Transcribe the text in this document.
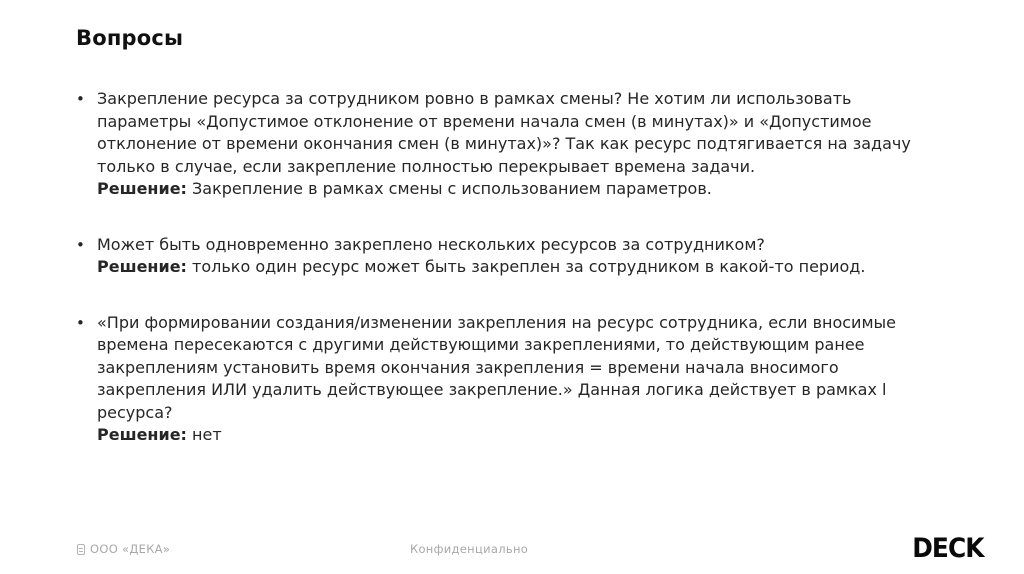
Вопросы
• Закрепление ресурса за сотрудником ровно в рамках смены? Не хотим ли использовать параметры «Допустимое отклонение от времени начала смен (в минутах)» и «Допустимое отклонение от времени окончания смен (в минутах)»? Так как ресурс подтягивается на задачу только в случае, если закрепление полностью перекрывает времена задачи.
Решение: Закрепление в рамках смены с использованием параметров.
• Может быть одновременно закреплено нескольких ресурсов за сотрудником?
Решение: только один ресурс может быть закреплен за сотрудником в какой-то период.
• «При формировании создания/изменении закрепления на ресурс сотрудника, если вносимые времена пересекаются с другими действующими закреплениями, то действующим ранее закреплениям установить время окончания закрепления = времени начала вносимого закрепления ИЛИ удалить действующее закрепление.» Данная логика действует в рамках l ресурса?
Решение: нет
ООО «ДЕКА»	Конфиденциально	DECK
